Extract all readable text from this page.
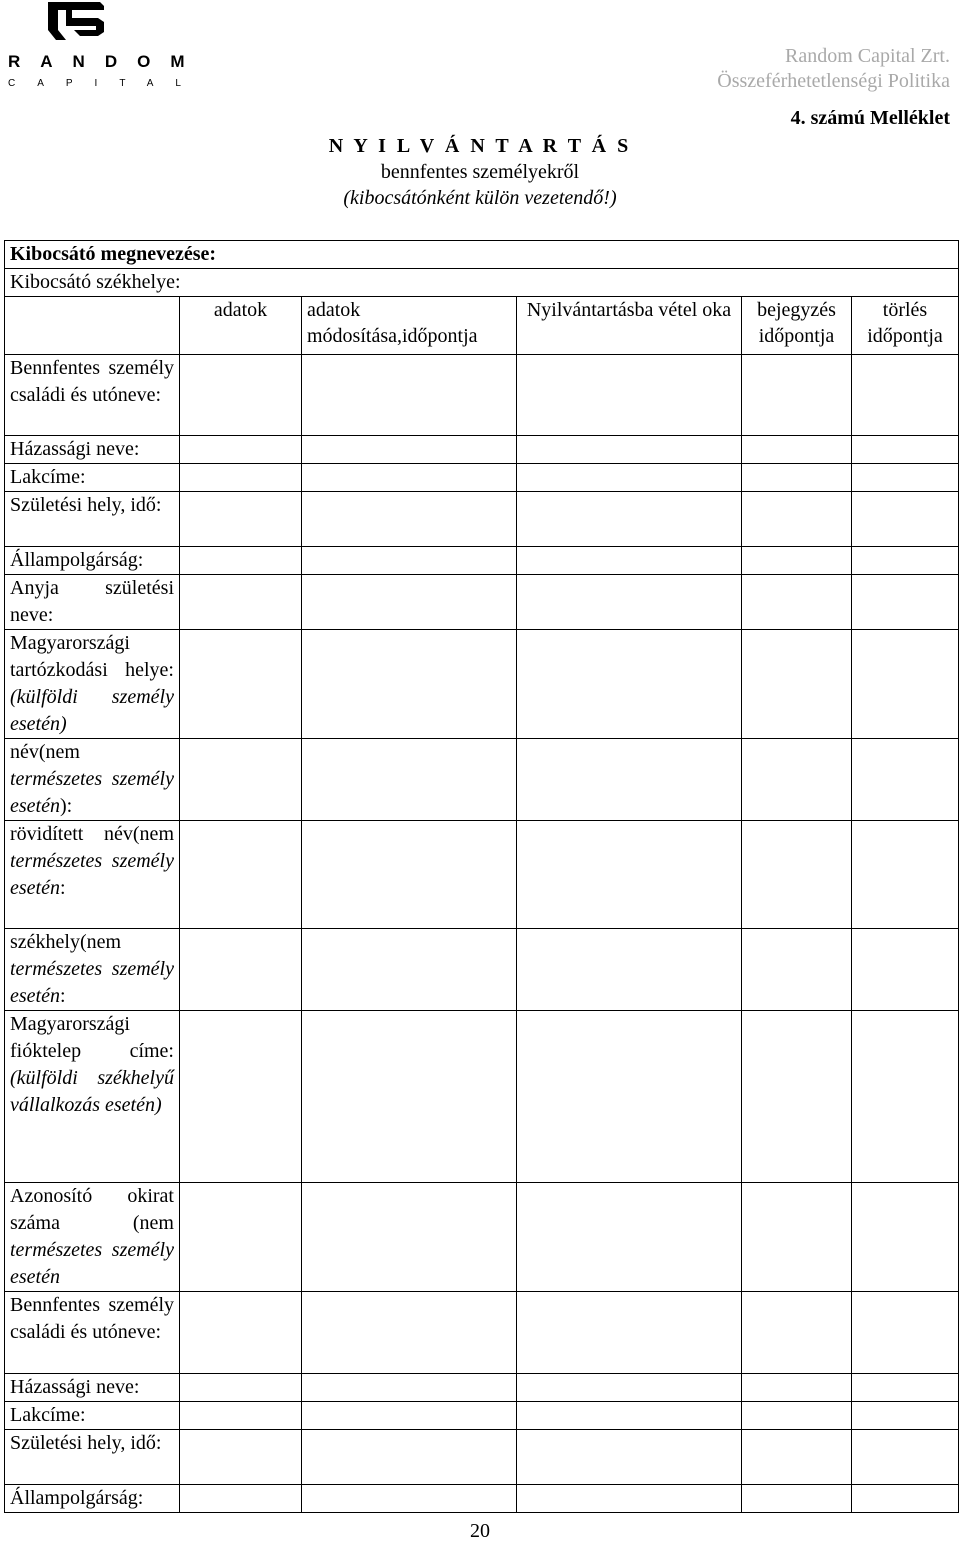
RANDOM
CAPITAL
Random Capital Zrt.
Összeférhetetlenségi Politika
4. számú Melléklet
N Y I L V Á N T A R T Á S
bennfentes személyekről
(kibocsátónként külön vezetendő!)
Kibocsátó megnevezése:					
Kibocsátó székhelye:					
	adatok	adatok módosítása,időpontja	Nyilvántartásba vétel oka	bejegyzés időpontja	törlés időpontja
Bennfentes személy családi és utóneve:					
Házassági neve:					
Lakcíme:					
Születési hely, idő:					
Állampolgárság:					
Anyja születési neve:					
Magyarországi tartózkodási helye: (külföldi személy esetén)					
név(nem természetes személy esetén):					
rövidített név(nem természetes személy esetén:					
székhely(nem természetes személy esetén:					
Magyarországi fióktelep címe: (külföldi székhelyű vállalkozás esetén)					
Azonosító okirat száma (nem természetes személy esetén					
Bennfentes személy családi és utóneve:					
Házassági neve:					
Lakcíme:					
Születési hely, idő:					
Állampolgárság:					
20
